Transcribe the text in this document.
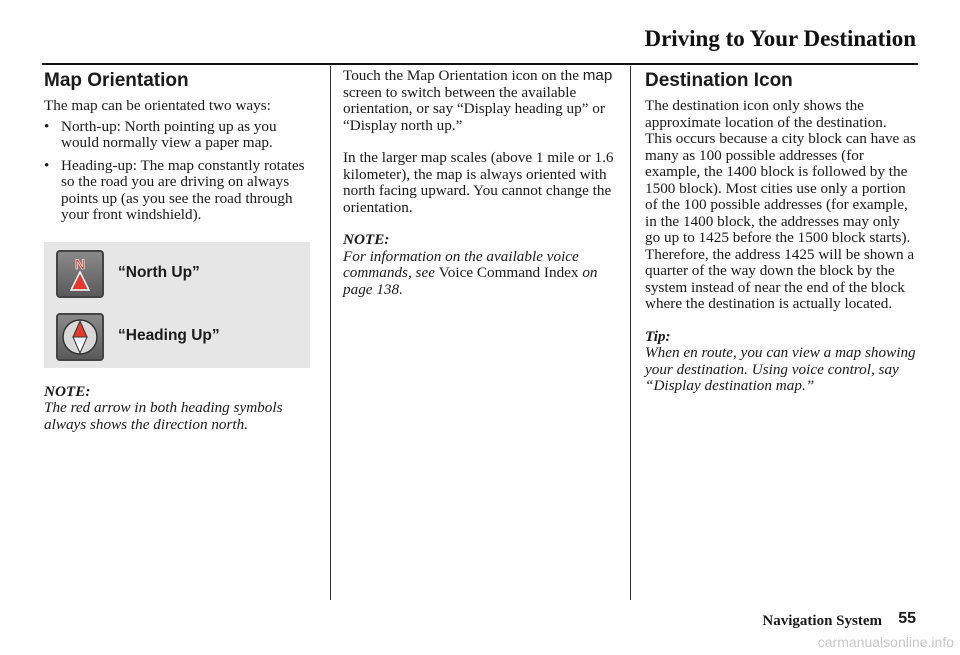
Driving to Your Destination
Map Orientation

The map can be orientated two ways:

• North-up: North pointing up as you would normally view a paper map.
• Heading-up: The map constantly rotates so the road you are driving on always points up (as you see the road through your front windshield).
N
“North Up”
“Heading Up”

NOTE:

The red arrow in both heading symbols always shows the direction north.

Touch the Map Orientation icon on the map screen to switch between the available orientation, or say “Display heading up” or “Display north up.”

In the larger map scales (above 1 mile or 1.6 kilometer), the map is always oriented with north facing upward. You cannot change the orientation.

NOTE:

For information on the available voice commands, see Voice Command Index on page 138.

Destination Icon

The destination icon only shows the approximate location of the destination. This occurs because a city block can have as many as 100 possible addresses (for example, the 1400 block is followed by the 1500 block). Most cities use only a portion of the 100 possible addresses (for example, in the 1400 block, the addresses may only go up to 1425 before the 1500 block starts). Therefore, the address 1425 will be shown a quarter of the way down the block by the system instead of near the end of the block where the destination is actually located.

Tip:

When en route, you can view a map showing your destination. Using voice control, say “Display destination map.”

Navigation System 55
carmanualsonline.info
